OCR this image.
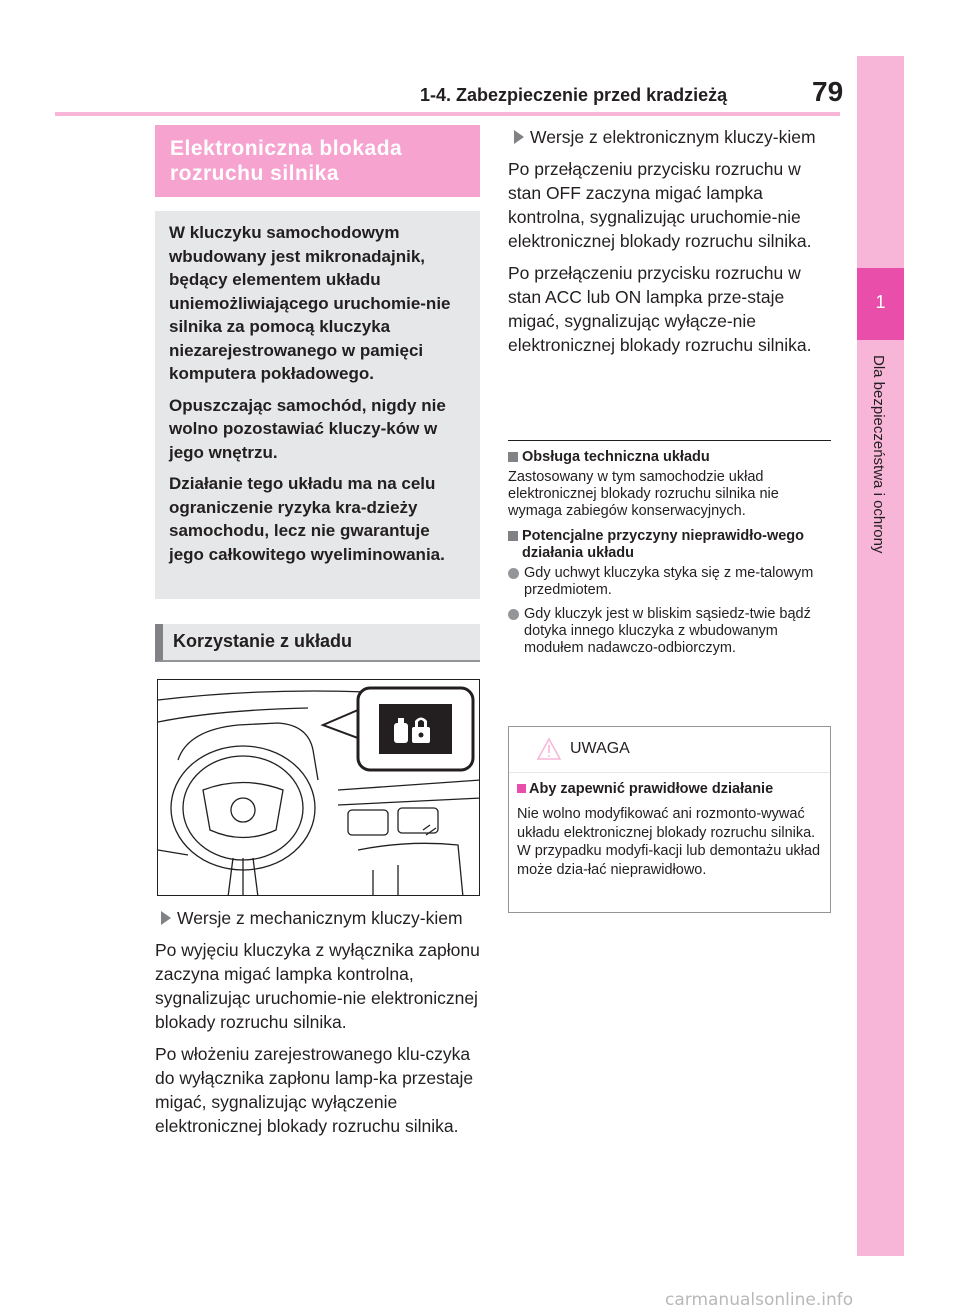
1-4. Zabezpieczenie przed kradzieżą	79
1
Dla bezpieczeństwa i ochrony
Elektroniczna blokada rozruchu silnika

W kluczyku samochodowym wbudowany jest mikronadajnik, będący elementem układu uniemożliwiającego uruchomie-nie silnika za pomocą kluczyka niezarejestrowanego w pamięci komputera pokładowego.

Opuszczając samochód, nigdy nie wolno pozostawiać kluczy-ków w jego wnętrzu.

Działanie tego układu ma na celu ograniczenie ryzyka kra-dzieży samochodu, lecz nie gwarantuje jego całkowitego wyeliminowania.

Korzystanie z układu
Wersje z mechanicznym kluczy-kiem

Po wyjęciu kluczyka z wyłącznika zapłonu zaczyna migać lampka kontrolna, sygnalizując uruchomie-nie elektronicznej blokady rozruchu silnika.

Po włożeniu zarejestrowanego klu-czyka do wyłącznika zapłonu lamp-ka przestaje migać, sygnalizując wyłączenie elektronicznej blokady rozruchu silnika.

Wersje z elektronicznym kluczy-kiem

Po przełączeniu przycisku rozruchu w stan OFF zaczyna migać lampka kontrolna, sygnalizując uruchomie-nie elektronicznej blokady rozruchu silnika.

Po przełączeniu przycisku rozruchu w stan ACC lub ON lampka prze-staje migać, sygnalizując wyłącze-nie elektronicznej blokady rozruchu silnika.

Obsługa techniczna układu

Zastosowany w tym samochodzie układ elektronicznej blokady rozruchu silnika nie wymaga zabiegów konserwacyjnych.

Potencjalne przyczyny nieprawidło-wego działania układu
Gdy uchwyt kluczyka styka się z me-talowym przedmiotem.
Gdy kluczyk jest w bliskim sąsiedz-twie bądź dotyka innego kluczyka z wbudowanym modułem nadawczo-odbiorczym.
UWAGA
Aby zapewnić prawidłowe działanie

Nie wolno modyfikować ani rozmonto-wywać układu elektronicznej blokady rozruchu silnika. W przypadku modyfi-kacji lub demontażu układ może dzia-łać nieprawidłowo.

carmanualsonline.info
